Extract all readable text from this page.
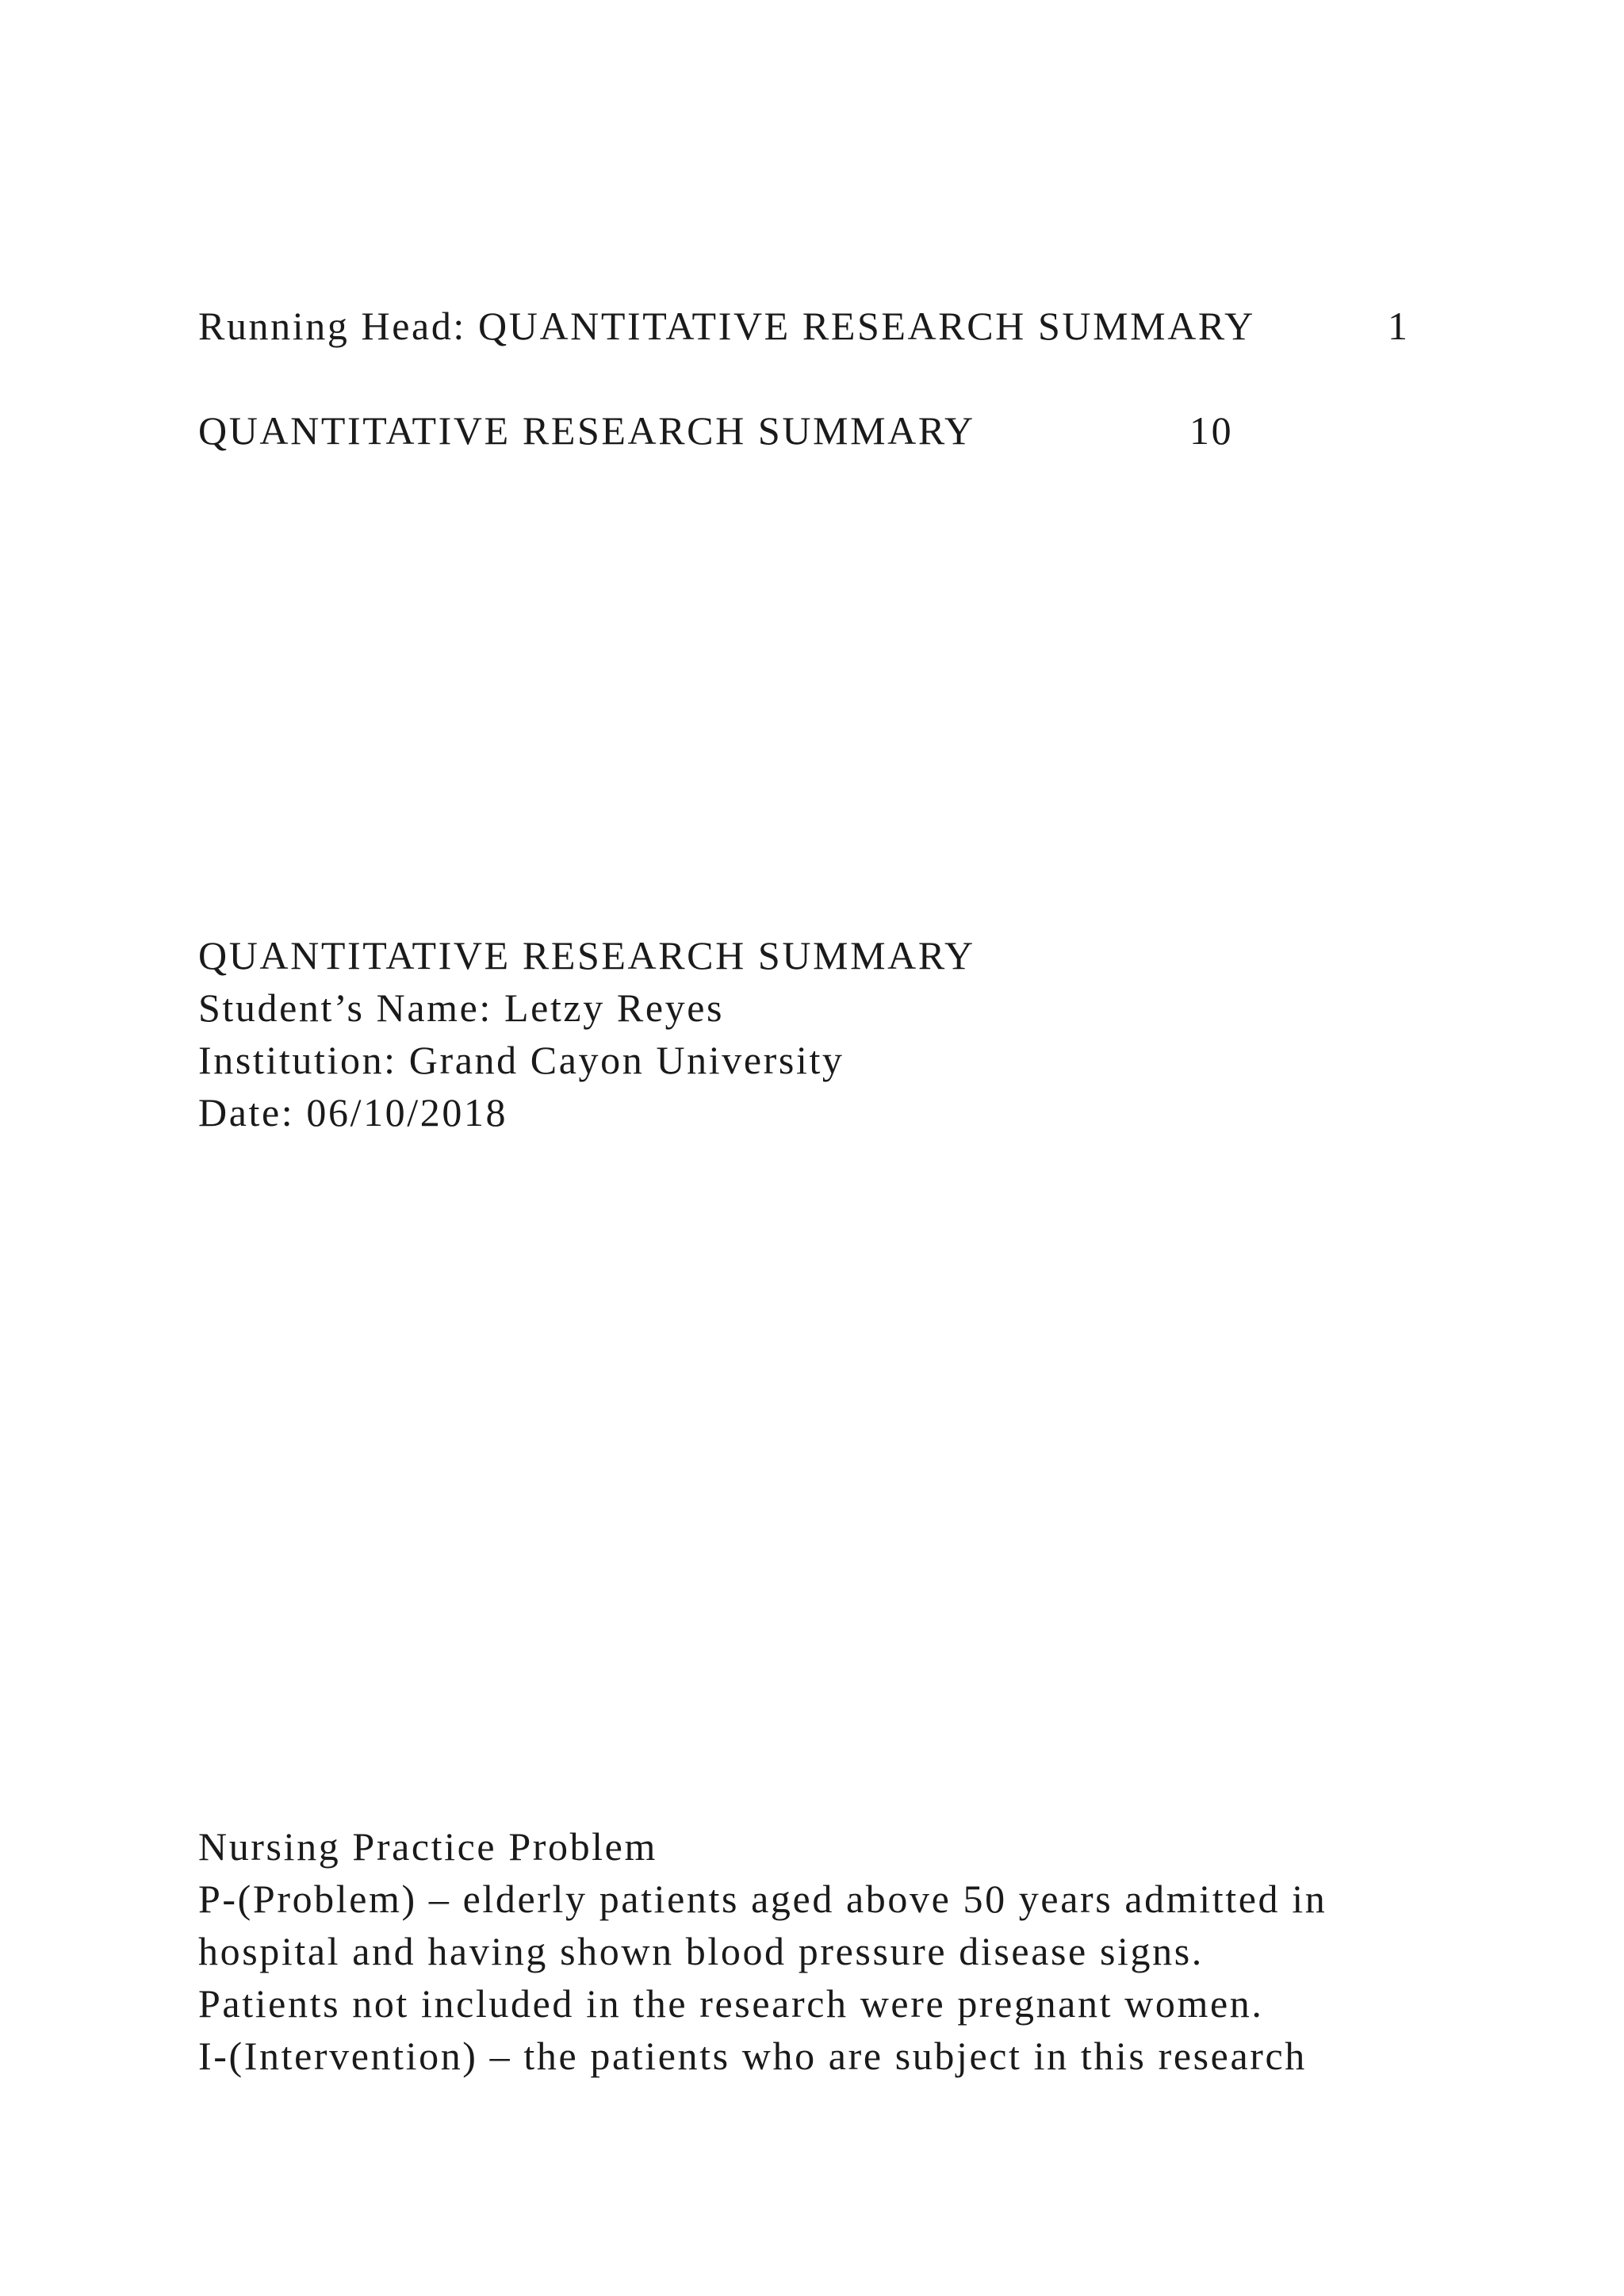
Running Head: QUANTITATIVE RESEARCH SUMMARY	1
QUANTITATIVE RESEARCH SUMMARY	10

QUANTITATIVE RESEARCH SUMMARY

Student’s Name: Letzy Reyes

Institution: Grand Cayon University

Date: 06/10/2018

Nursing Practice Problem

P-(Problem) – elderly patients aged above 50 years admitted in

hospital and having shown blood pressure disease signs.

Patients not included in the research were pregnant women.

I-(Intervention) – the patients who are subject in this research
